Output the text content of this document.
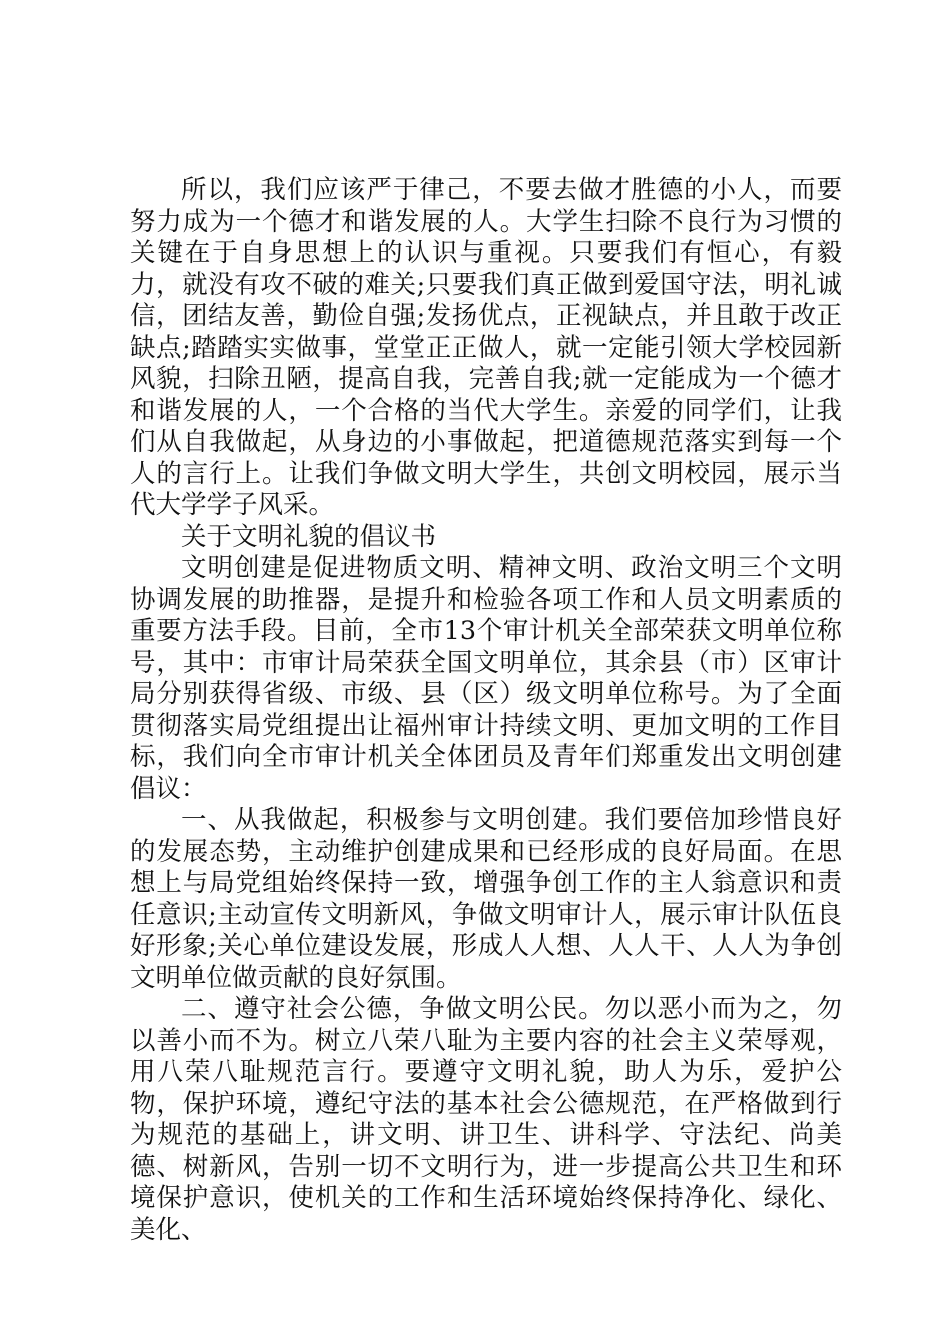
所以，我们应该严于律己，不要去做才胜德的小人，而要努力成为一个德才和谐发展的人。大学生扫除不良行为习惯的关键在于自身思想上的认识与重视。只要我们有恒心，有毅力，就没有攻不破的难关;只要我们真正做到爱国守法，明礼诚信，团结友善，勤俭自强;发扬优点，正视缺点，并且敢于改正缺点;踏踏实实做事，堂堂正正做人，就一定能引领大学校园新风貌，扫除丑陋，提高自我，完善自我;就一定能成为一个德才和谐发展的人，一个合格的当代大学生。亲爱的同学们，让我们从自我做起，从身边的小事做起，把道德规范落实到每一个人的言行上。让我们争做文明大学生，共创文明校园，展示当代大学学子风采。

关于文明礼貌的倡议书

文明创建是促进物质文明、精神文明、政治文明三个文明协调发展的助推器，是提升和检验各项工作和人员文明素质的重要方法手段。目前，全市13个审计机关全部荣获文明单位称号，其中：市审计局荣获全国文明单位，其余县（市）区审计局分别获得省级、市级、县（区）级文明单位称号。为了全面贯彻落实局党组提出让福州审计持续文明、更加文明的工作目标，我们向全市审计机关全体团员及青年们郑重发出文明创建倡议：

一、从我做起，积极参与文明创建。我们要倍加珍惜良好的发展态势，主动维护创建成果和已经形成的良好局面。在思想上与局党组始终保持一致，增强争创工作的主人翁意识和责任意识;主动宣传文明新风，争做文明审计人，展示审计队伍良好形象;关心单位建设发展，形成人人想、人人干、人人为争创文明单位做贡献的良好氛围。

二、遵守社会公德，争做文明公民。勿以恶小而为之，勿以善小而不为。树立八荣八耻为主要内容的社会主义荣辱观，用八荣八耻规范言行。要遵守文明礼貌，助人为乐，爱护公物，保护环境，遵纪守法的基本社会公德规范，在严格做到行为规范的基础上，讲文明、讲卫生、讲科学、守法纪、尚美德、树新风，告别一切不文明行为，进一步提高公共卫生和环境保护意识，使机关的工作和生活环境始终保持净化、绿化、美化、
